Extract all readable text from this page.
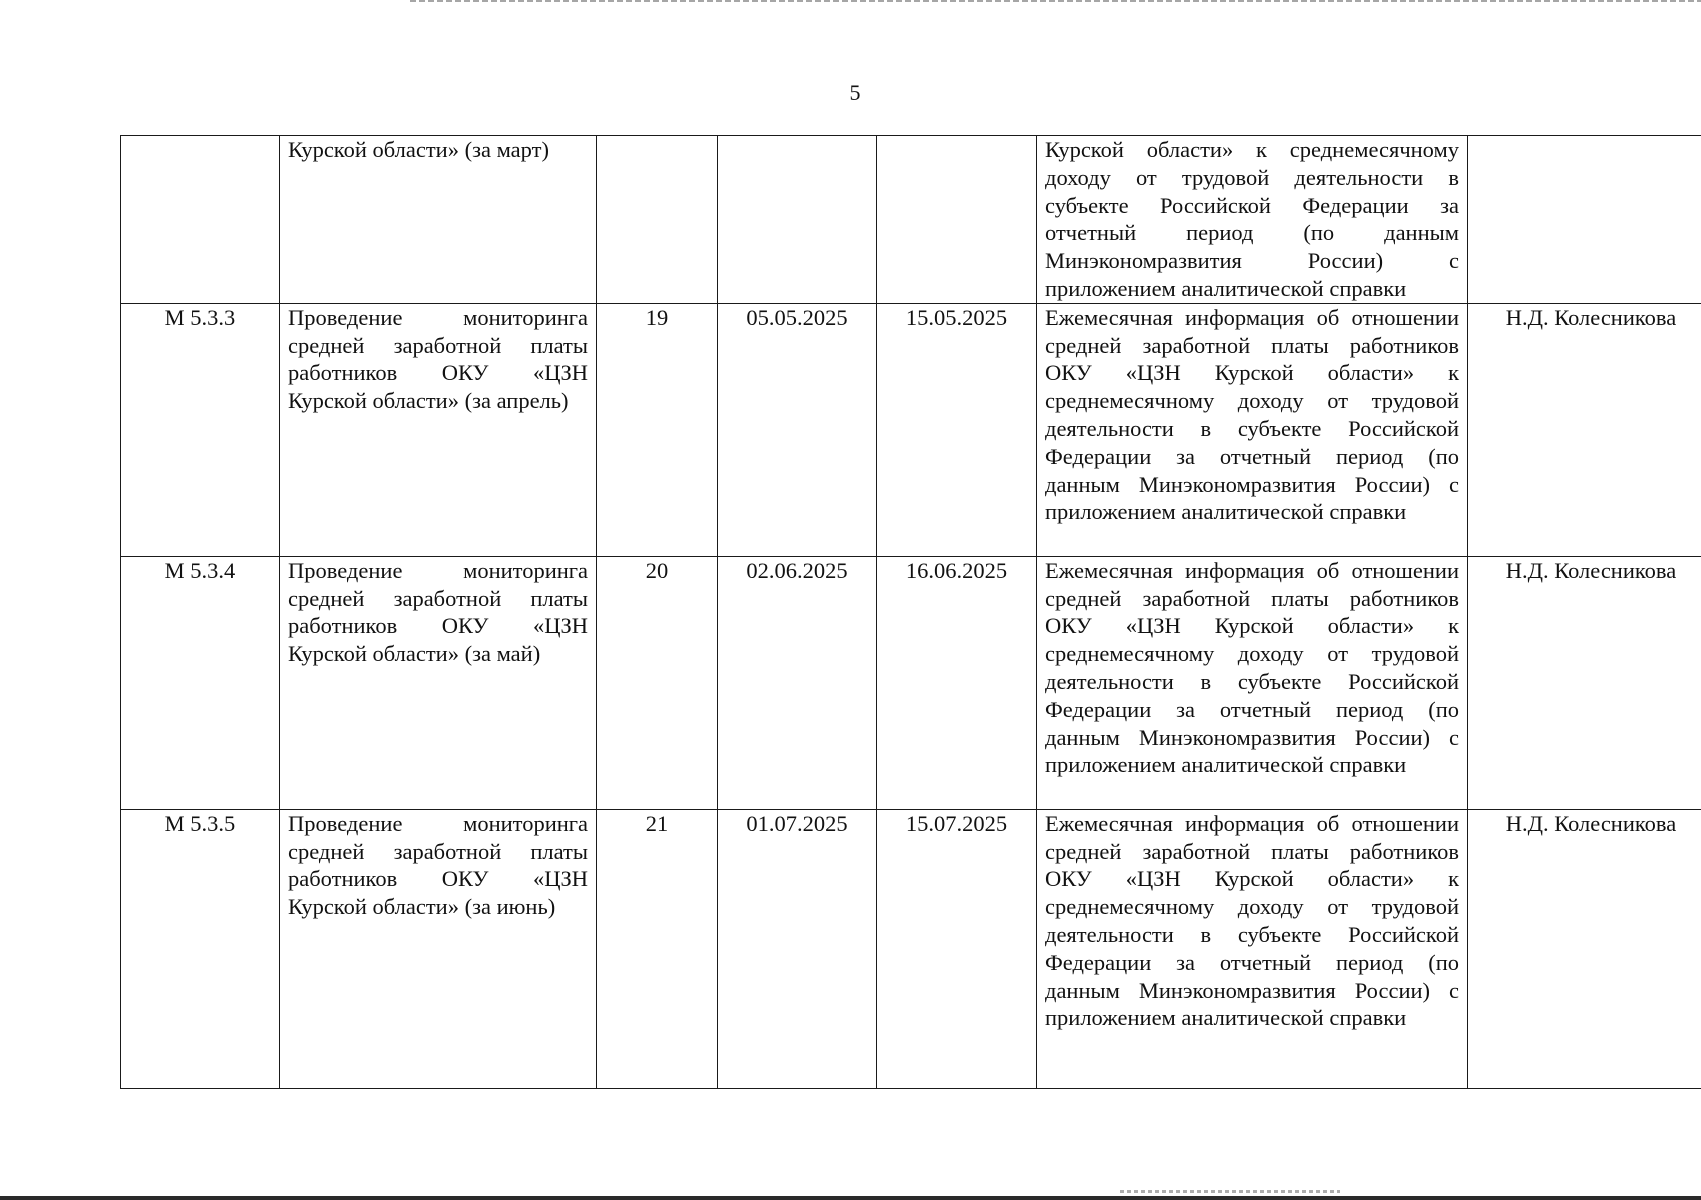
5
	Курской области» (за март)				Курской области» к среднемесячному доходу от трудовой деятельности в субъекте Российской Федерации за отчетный период (по данным Минэкономразвития России) с приложением аналитической справки	
М 5.3.3	Проведение мониторинга средней заработной платы работников ОКУ «ЦЗН Курской области» (за апрель)	19	05.05.2025	15.05.2025	Ежемесячная информация об отношении средней заработной платы работников ОКУ «ЦЗН Курской области» к среднемесячному доходу от трудовой деятельности в субъекте Российской Федерации за отчетный период (по данным Минэкономразвития России) с приложением аналитической справки	Н.Д. Колесникова
М 5.3.4	Проведение мониторинга средней заработной платы работников ОКУ «ЦЗН Курской области» (за май)	20	02.06.2025	16.06.2025	Ежемесячная информация об отношении средней заработной платы работников ОКУ «ЦЗН Курской области» к среднемесячному доходу от трудовой деятельности в субъекте Российской Федерации за отчетный период (по данным Минэкономразвития России) с приложением аналитической справки	Н.Д. Колесникова
М 5.3.5	Проведение мониторинга средней заработной платы работников ОКУ «ЦЗН Курской области» (за июнь)	21	01.07.2025	15.07.2025	Ежемесячная информация об отношении средней заработной платы работников ОКУ «ЦЗН Курской области» к среднемесячному доходу от трудовой деятельности в субъекте Российской Федерации за отчетный период (по данным Минэкономразвития России) с приложением аналитической справки	Н.Д. Колесникова
